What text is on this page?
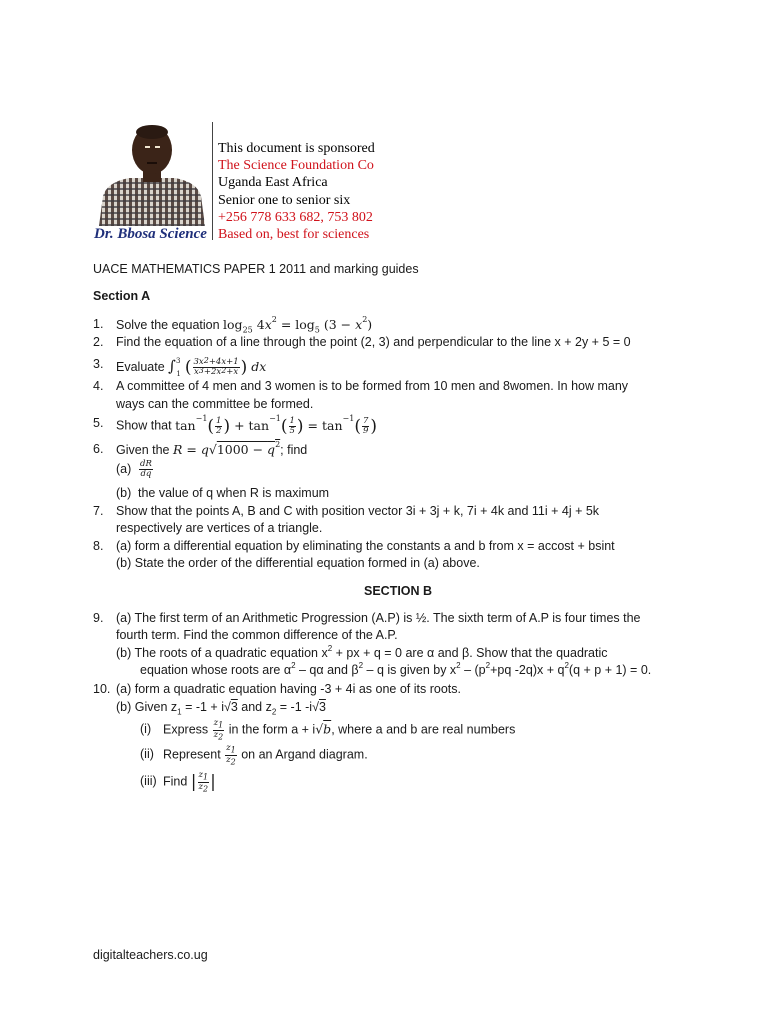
Dr. Bbosa Science
This document is sponsored
The Science Foundation Co
Uganda East Africa
Senior one to senior six
+256 778 633 682, 753 802
Based on, best for sciences
UACE MATHEMATICS PAPER 1 2011 and marking guides
Section A
1.	Solve the equation $\log_{25} 4x^2 = \log_5 (3 - x^2)$
2.	Find the equation of a line through the point (2, 3) and perpendicular to the line x + 2y + 5 = 0
3.	Evaluate ∫$^3$1 ( $\frac{3x^2+4x+1}{x^3+2x^2+x}$ ) dx
4.	A committee of 4 men and 3 women is to be formed from 10 men and 8women. In how many
ways can the committee be formed.
5.	Show that $\tan^{-1}( \frac{1}{2}$ ) + $\tan^{-1}( \frac{1}{5}$ ) = $\tan^{-1}( \frac{7}{9}$ )
6.	Given the $R = q√1000 - q^2$; find
$(a) \frac{dR}{dq}$
(b) the value of q when R is maximum
7.	Show that the points A, B and C with position vector 3i + 3j + k, 7i + 4k and 11i + 4j + 5k
respectively are vertices of a triangle.
8.	(a) form a differential equation by eliminating the constants a and b from x = accost + bsint
(b) State the order of the differential equation formed in (a) above.
SECTION B
9.	(a) The first term of an Arithmetic Progression (A.P) is ½. The sixth term of A.P is four times the
fourth term. Find the common difference of the A.P.
(b) The roots of a quadratic equation $x^2$ + px + q = 0 are α and β. Show that the quadratic
equation whose roots are $\alpha^2$ – qα and $\beta^2$ – q is given by $x^2 - (p^2+pq$ $-2q)x + q^2(q + p + 1) = 0$.
10. (a) form a quadratic equation having -3 + 4i as one of its roots.
(b) Given $z_1 = -1 + i√3$ and $z_2 = -1$ -i√3
(i) Express $\frac{z_1}{z_2}$ in the form a + i√b, where a and b are real numbers
(ii) Represent $\frac{z_1}{z_2}$ on an Argand diagram.
(iii) Find | $\frac{z_1}{z_2}$ |
digitalteachers.co.ug
